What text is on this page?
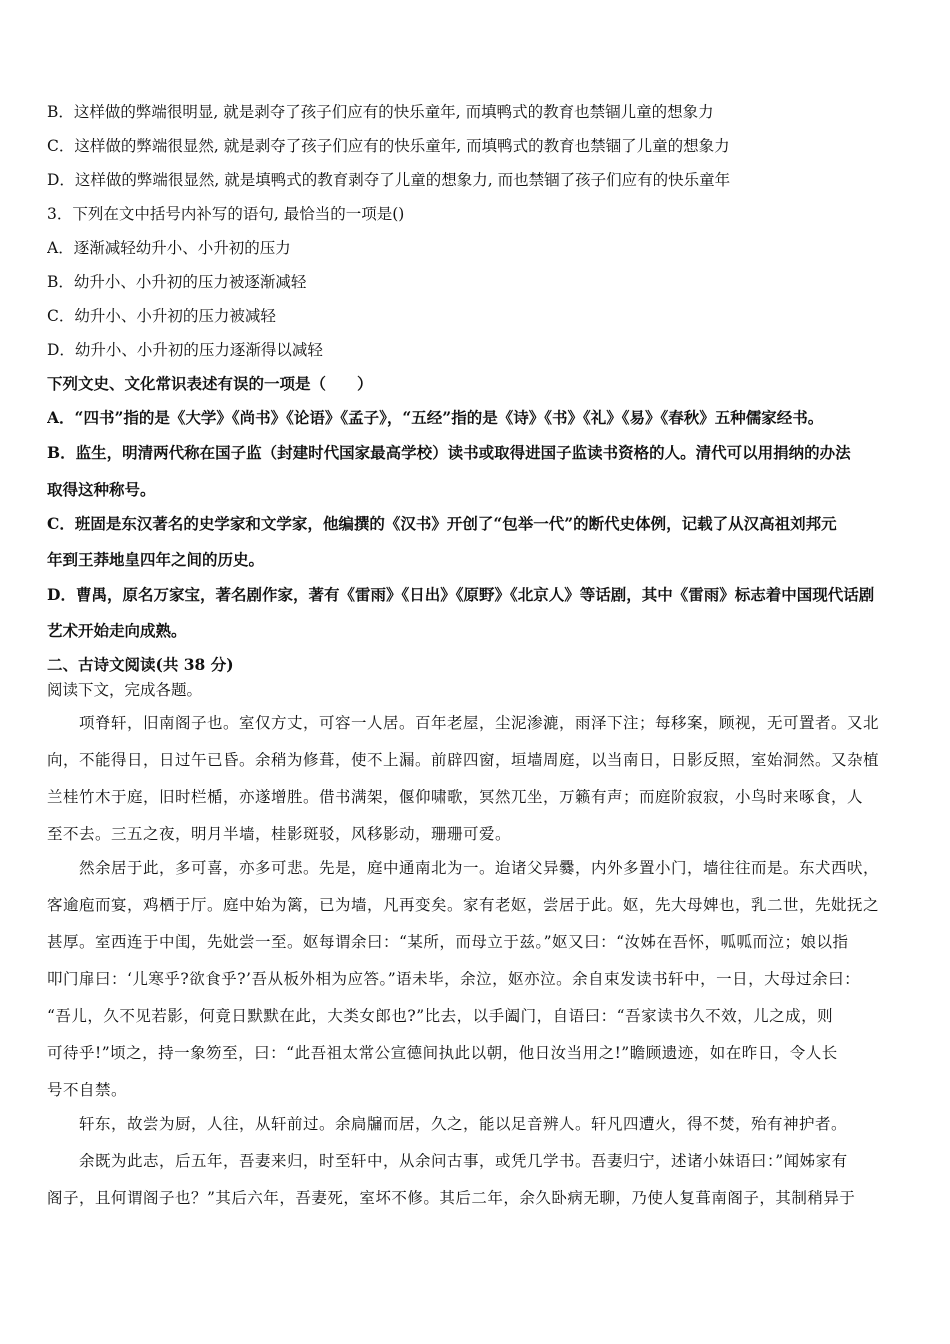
B．这样做的弊端很明显, 就是剥夺了孩子们应有的快乐童年, 而填鸭式的教育也禁锢儿童的想象力
C．这样做的弊端很显然, 就是剥夺了孩子们应有的快乐童年, 而填鸭式的教育也禁锢了儿童的想象力
D．这样做的弊端很显然, 就是填鸭式的教育剥夺了儿童的想象力, 而也禁锢了孩子们应有的快乐童年
3．下列在文中括号内补写的语句, 最恰当的一项是()
A．逐渐减轻幼升小、小升初的压力
B．幼升小、小升初的压力被逐渐减轻
C．幼升小、小升初的压力被减轻
D．幼升小、小升初的压力逐渐得以减轻
下列文史、文化常识表述有误的一项是（　　）
A．“四书”指的是《大学》《尚书》《论语》《孟子》，“五经”指的是《诗》《书》《礼》《易》《春秋》五种儒家经书。
B．监生，明清两代称在国子监（封建时代国家最高学校）读书或取得进国子监读书资格的人。清代可以用捐纳的办法
取得这种称号。
C．班固是东汉著名的史学家和文学家，他编撰的《汉书》开创了“包举一代”的断代史体例，记载了从汉高祖刘邦元
年到王莽地皇四年之间的历史。
D．曹禺，原名万家宝，著名剧作家，著有《雷雨》《日出》《原野》《北京人》等话剧，其中《雷雨》标志着中国现代话剧
艺术开始走向成熟。
二、古诗文阅读(共 38 分)
阅读下文，完成各题。
　　项脊轩，旧南阁子也。室仅方丈，可容一人居。百年老屋，尘泥渗漉，雨泽下注；每移案，顾视，无可置者。又北
向，不能得日，日过午已昏。余稍为修葺，使不上漏。前辟四窗，垣墙周庭，以当南日，日影反照，室始洞然。又杂植
兰桂竹木于庭，旧时栏楯，亦遂增胜。借书满架，偃仰啸歌，冥然兀坐，万籁有声；而庭阶寂寂，小鸟时来啄食，人
至不去。三五之夜，明月半墙，桂影斑驳，风移影动，珊珊可爱。
　　然余居于此，多可喜，亦多可悲。先是，庭中通南北为一。迨诸父异爨，内外多置小门，墙往往而是。东犬西吠，
客逾庖而宴，鸡栖于厅。庭中始为篱，已为墙，凡再变矣。家有老妪，尝居于此。妪，先大母婢也，乳二世，先妣抚之
甚厚。室西连于中闺，先妣尝一至。妪每谓余曰：“某所，而母立于兹。”妪又曰：“汝姊在吾怀，呱呱而泣；娘以指
叩门扉曰：‘儿寒乎?欲食乎?’吾从板外相为应答。”语未毕，余泣，妪亦泣。余自束发读书轩中，一日，大母过余曰：
“吾儿，久不见若影，何竟日默默在此，大类女郎也?”比去，以手阖门，自语曰：“吾家读书久不效，儿之成，则
可待乎!”顷之，持一象笏至，曰：“此吾祖太常公宣德间执此以朝，他日汝当用之!”瞻顾遗迹，如在昨日，令人长
号不自禁。
　　轩东，故尝为厨，人往，从轩前过。余扃牖而居，久之，能以足音辨人。轩凡四遭火，得不焚，殆有神护者。
　　余既为此志，后五年，吾妻来归，时至轩中，从余问古事，或凭几学书。吾妻归宁，述诸小妹语曰：”闻姊家有
阁子，且何谓阁子也？”其后六年，吾妻死，室坏不修。其后二年，余久卧病无聊，乃使人复葺南阁子，其制稍异于
